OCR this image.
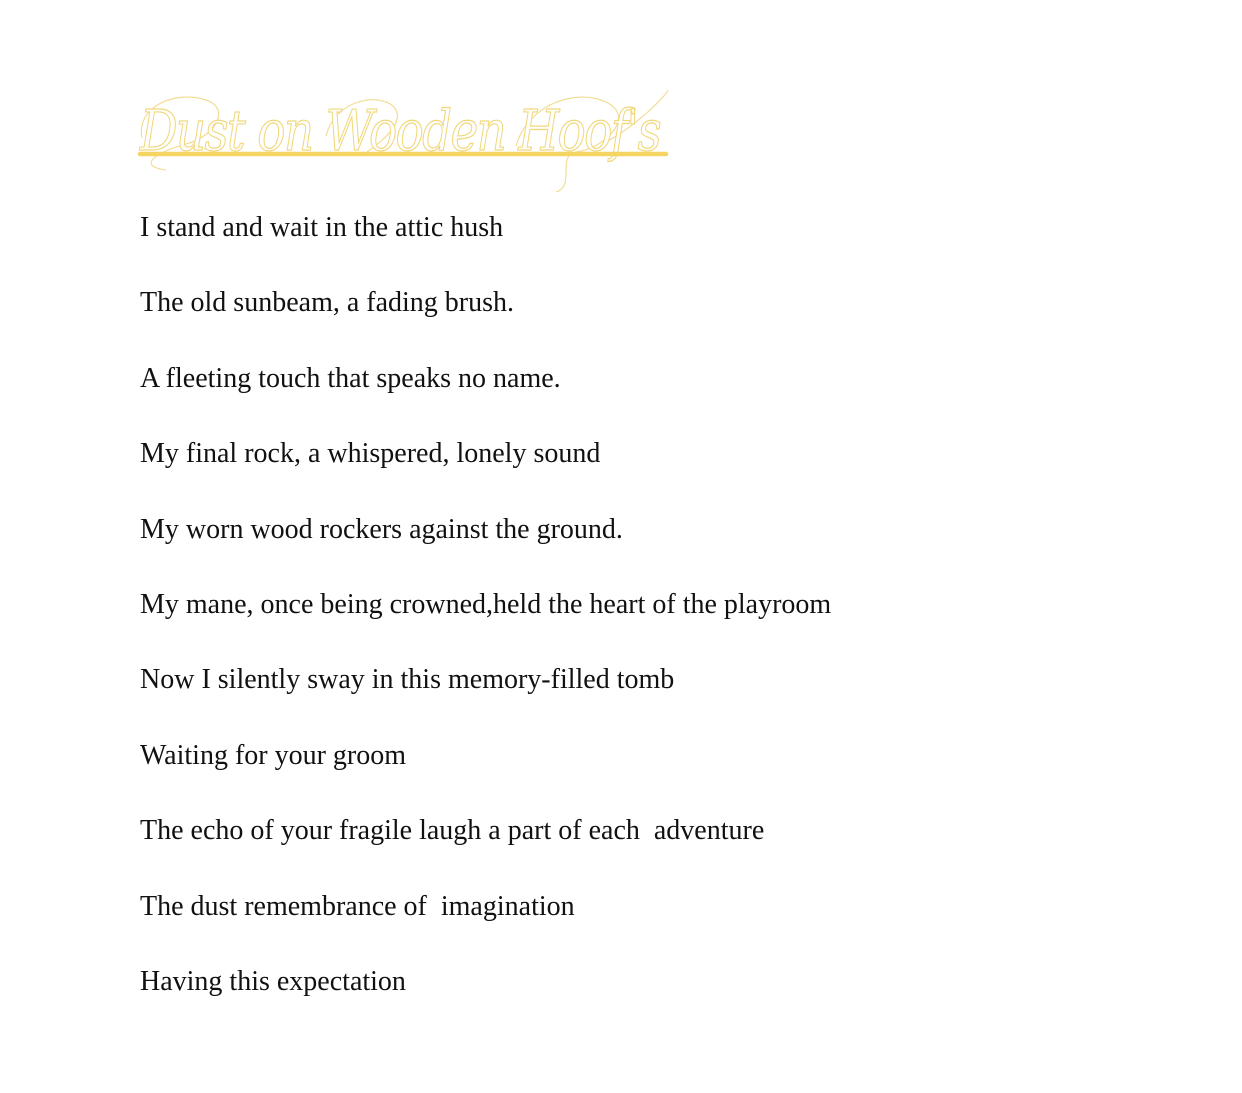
Dust on Wooden Hoof's
I stand and wait in the attic hush
The old sunbeam, a fading brush.
A fleeting touch that speaks no name.
My final rock, a whispered, lonely sound
My worn wood rockers against the ground.
My mane, once being crowned,held the heart of the playroom
Now I silently sway in this memory-filled tomb
Waiting for your groom
The echo of your fragile laugh a part of each  adventure
The dust remembrance of  imagination
Having this expectation
